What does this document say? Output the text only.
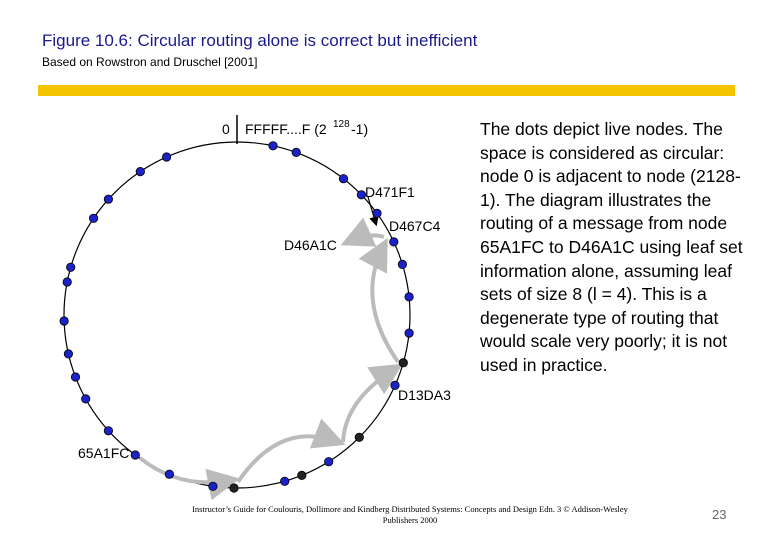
Figure 10.6: Circular routing alone is correct but inefficient
Based on Rowstron and Druschel [2001]
0 FFFFF....F (2 128 -1)
D471F1
D467C4
D46A1C
D13DA3
65A1FC
The dots depict live nodes. The space is considered as circular: node 0 is adjacent to node (2128-1). The diagram illustrates the routing of a message from node 65A1FC to D46A1C using leaf set information alone, assuming leaf sets of size 8 (l = 4). This is a degenerate type of routing that would scale very poorly; it is not used in practice.
Instructor’s Guide for Coulouris, Dollimore and Kindberg Distributed Systems: Concepts and Design Edn. 3 © Addison-Wesley Publishers 2000	23
